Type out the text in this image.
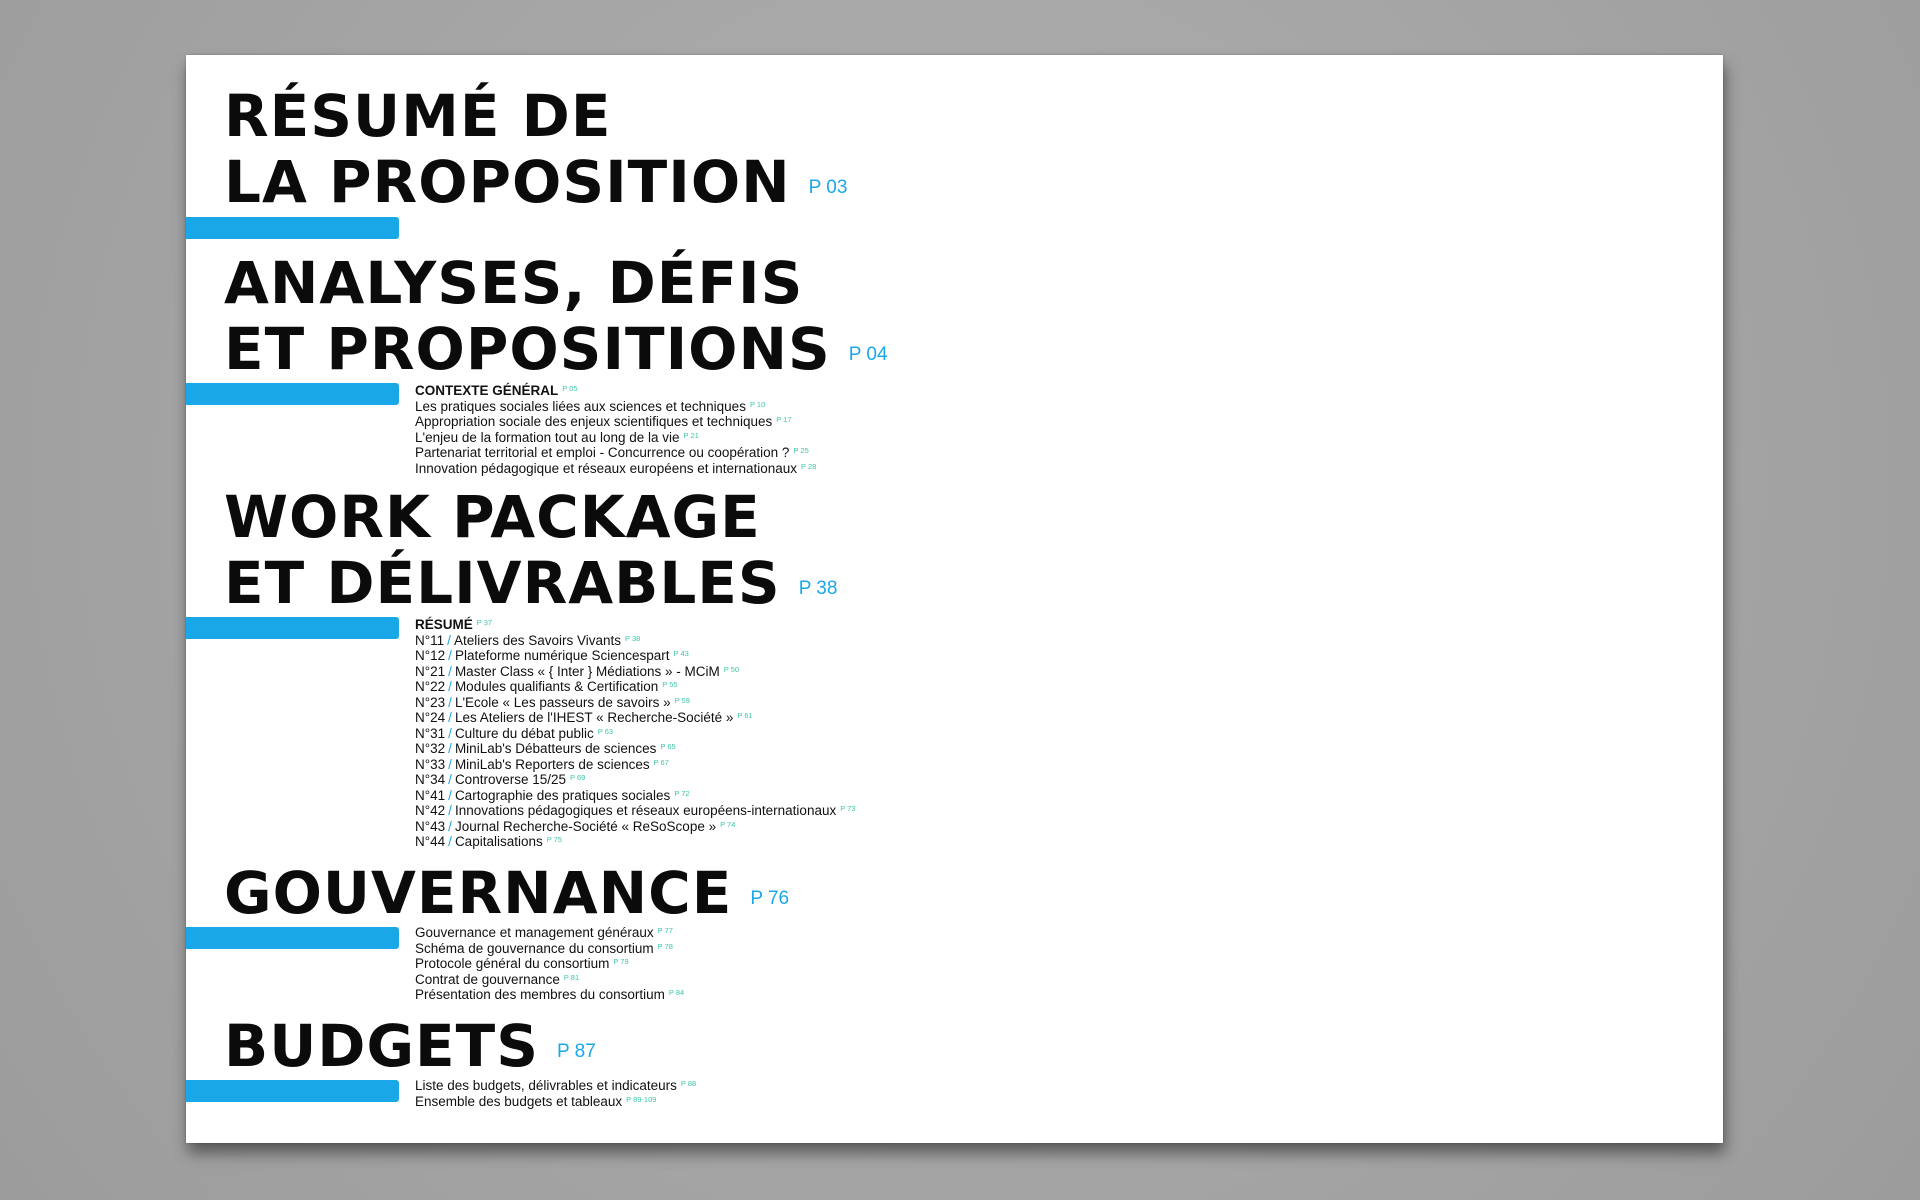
RÉSUMÉ DE
LA PROPOSITION $^{P 03}$
ANALYSES, DÉFIS
ET PROPOSITIONS $^{P 04}$
CONTEXTE GÉNÉRAL $^{P 05}$
Les pratiques sociales liées aux sciences et techniques $^{P 10}$
Appropriation sociale des enjeux scientifiques et techniques $^{P 17}$
L'enjeu de la formation tout au long de la vie $^{P 21}$
Partenariat territorial et emploi - Concurrence ou coopération ? $^{P 25}$
Innovation pédagogique et réseaux européens et internationaux $^{P 28}$
WORK PACKAGE
ET DÉLIVRABLES $^{P 38}$
RÉSUMÉ $^{P 37}$
N°11 / Ateliers des Savoirs Vivants $^{P 38}$
N°12 / Plateforme numérique Sciencespart $^{P 43}$
N°21 / Master Class « { Inter } Médiations » - MCiM $^{P 50}$
N°22 / Modules qualifiants & Certification $^{P 55}$
N°23 / L'Ecole « Les passeurs de savoirs » $^{P 59}$
N°24 / Les Ateliers de l'IHEST « Recherche-Société » $^{P 61}$
N°31 / Culture du débat public $^{P 63}$
N°32 / MiniLab's Débatteurs de sciences $^{P 65}$
N°33 / MiniLab's Reporters de sciences $^{P 67}$
N°34 / Controverse 15/25 $^{P 69}$
N°41 / Cartographie des pratiques sociales $^{P 72}$
N°42 / Innovations pédagogiques et réseaux européens-internationaux $^{P 73}$
N°43 / Journal Recherche-Société « ReSoScope » $^{P 74}$
N°44 / Capitalisations $^{P 75}$
GOUVERNANCE $^{P 76}$
Gouvernance et management généraux $^{P 77}$
Schéma de gouvernance du consortium $^{P 78}$
Protocole général du consortium $^{P 79}$
Contrat de gouvernance $^{P 81}$
Présentation des membres du consortium $^{P 84}$
BUDGETS $^{P 87}$
Liste des budgets, délivrables et indicateurs $^{P 88}$
Ensemble des budgets et tableaux $^{P 89-109}$
